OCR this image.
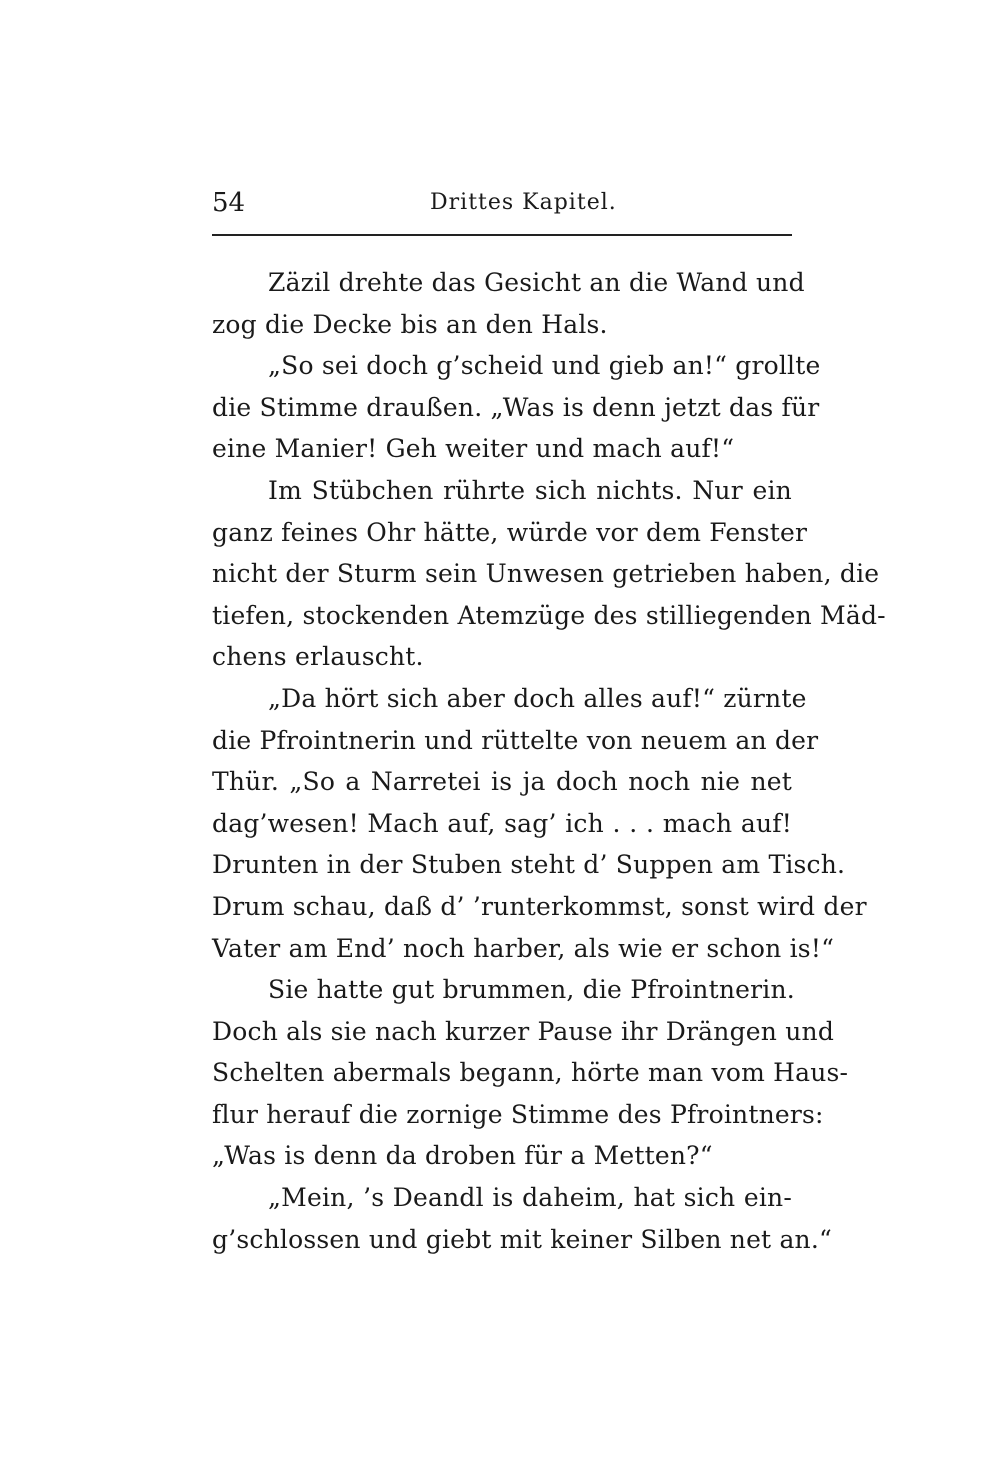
54	Drittes Kapitel.
Zäzil drehte das Gesicht an die Wand und
zog die Decke bis an den Hals.
„So sei doch g’scheid und gieb an!“ grollte
die Stimme draußen. „Was is denn jetzt das für
eine Manier! Geh weiter und mach auf!“
Im Stübchen rührte sich nichts. Nur ein
ganz feines Ohr hätte, würde vor dem Fenster
nicht der Sturm sein Unwesen getrieben haben, die
tiefen, stockenden Atemzüge des stilliegenden Mäd-
chens erlauscht.
„Da hört sich aber doch alles auf!“ zürnte
die Pfrointnerin und rüttelte von neuem an der
Thür. „So a Narretei is ja doch noch nie net
dag’wesen! Mach auf, sag’ ich . . . mach auf!
Drunten in der Stuben steht d’ Suppen am Tisch.
Drum schau, daß d’ ’runterkommst, sonst wird der
Vater am End’ noch harber, als wie er schon is!“
Sie hatte gut brummen, die Pfrointnerin.
Doch als sie nach kurzer Pause ihr Drängen und
Schelten abermals begann, hörte man vom Haus-
flur herauf die zornige Stimme des Pfrointners:
„Was is denn da droben für a Metten?“
„Mein, ’s Deandl is daheim, hat sich ein-
g’schlossen und giebt mit keiner Silben net an.“
